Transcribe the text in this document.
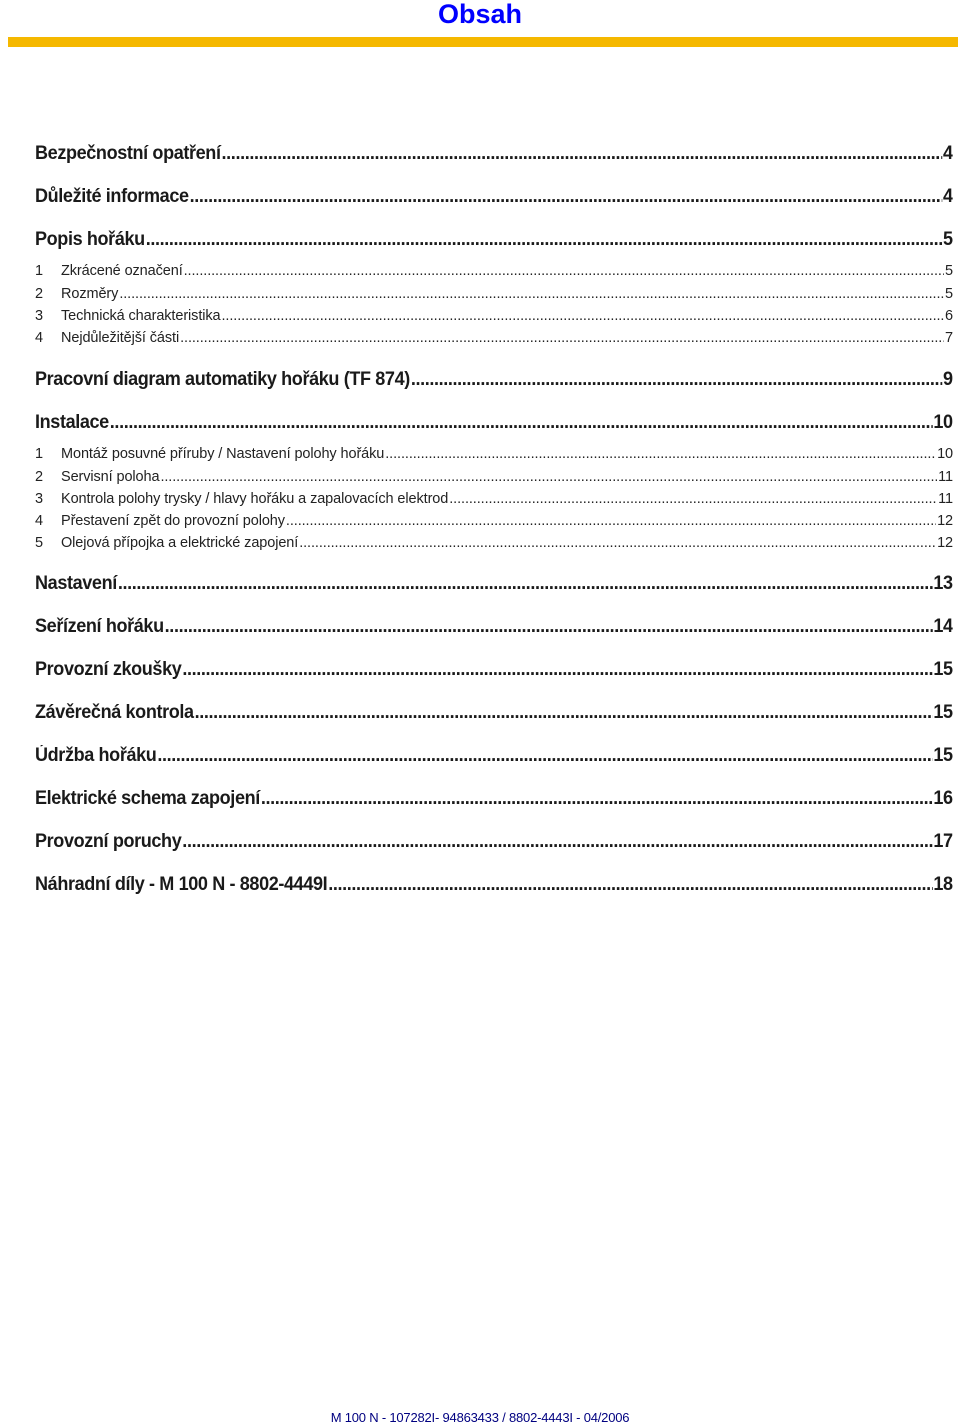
Obsah
Bezpečnostní opatření .....	4
Důležité informace .....	4
Popis hořáku .....	5
1	Zkrácené označení .....	5
2	Rozměry .....	5
3	Technická charakteristika .....	6
4	Nejdůležitější části .....	7
Pracovní diagram automatiky hořáku (TF 874) .....	9
Instalace .....	10
1	Montáž posuvné příruby / Nastavení polohy hořáku .....	10
2	Servisní poloha .....	11
3	Kontrola polohy trysky / hlavy hořáku a zapalovacích elektrod .....	11
4	Přestavení zpět do provozní polohy .....	12
5	Olejová přípojka a elektrické zapojení .....	12
Nastavení .....	13
Seřízení hořáku .....	14
Provozní zkoušky .....	15
Závěrečná kontrola .....	15
Údržba hořáku .....	15
Elektrické schema zapojení .....	16
Provozní poruchy .....	17
Náhradní díly - M 100 N - 8802-4449I .....	18
M 100 N - 107282I- 94863433 / 8802-4443I - 04/2006
